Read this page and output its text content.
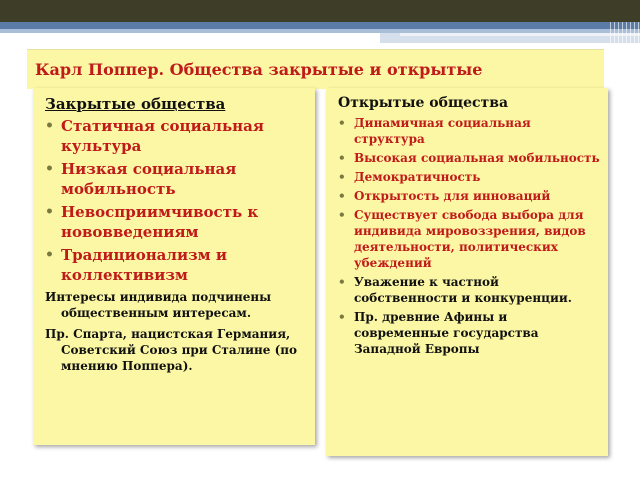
Карл Поппер. Общества закрытые и открытые

Закрытые общества

• Статичная социальная культура
• Низкая социальная мобильность
• Невосприимчивость к нововведениям
• Традиционализм и коллективизм

Интересы индивида подчинены общественным интересам.

Пр. Спарта, нацистская Германия, Советский Союз при Сталине (по мнению Поппера).

Открытые общества

• Динамичная социальная структура
• Высокая социальная мобильность
• Демократичность
• Открытость для инноваций
• Существует свобода выбора для индивида мировоззрения, видов деятельности, политических убеждений
• Уважение к частной собственности и конкуренции.
• Пр. древние Афины и современные государства Западной Европы
